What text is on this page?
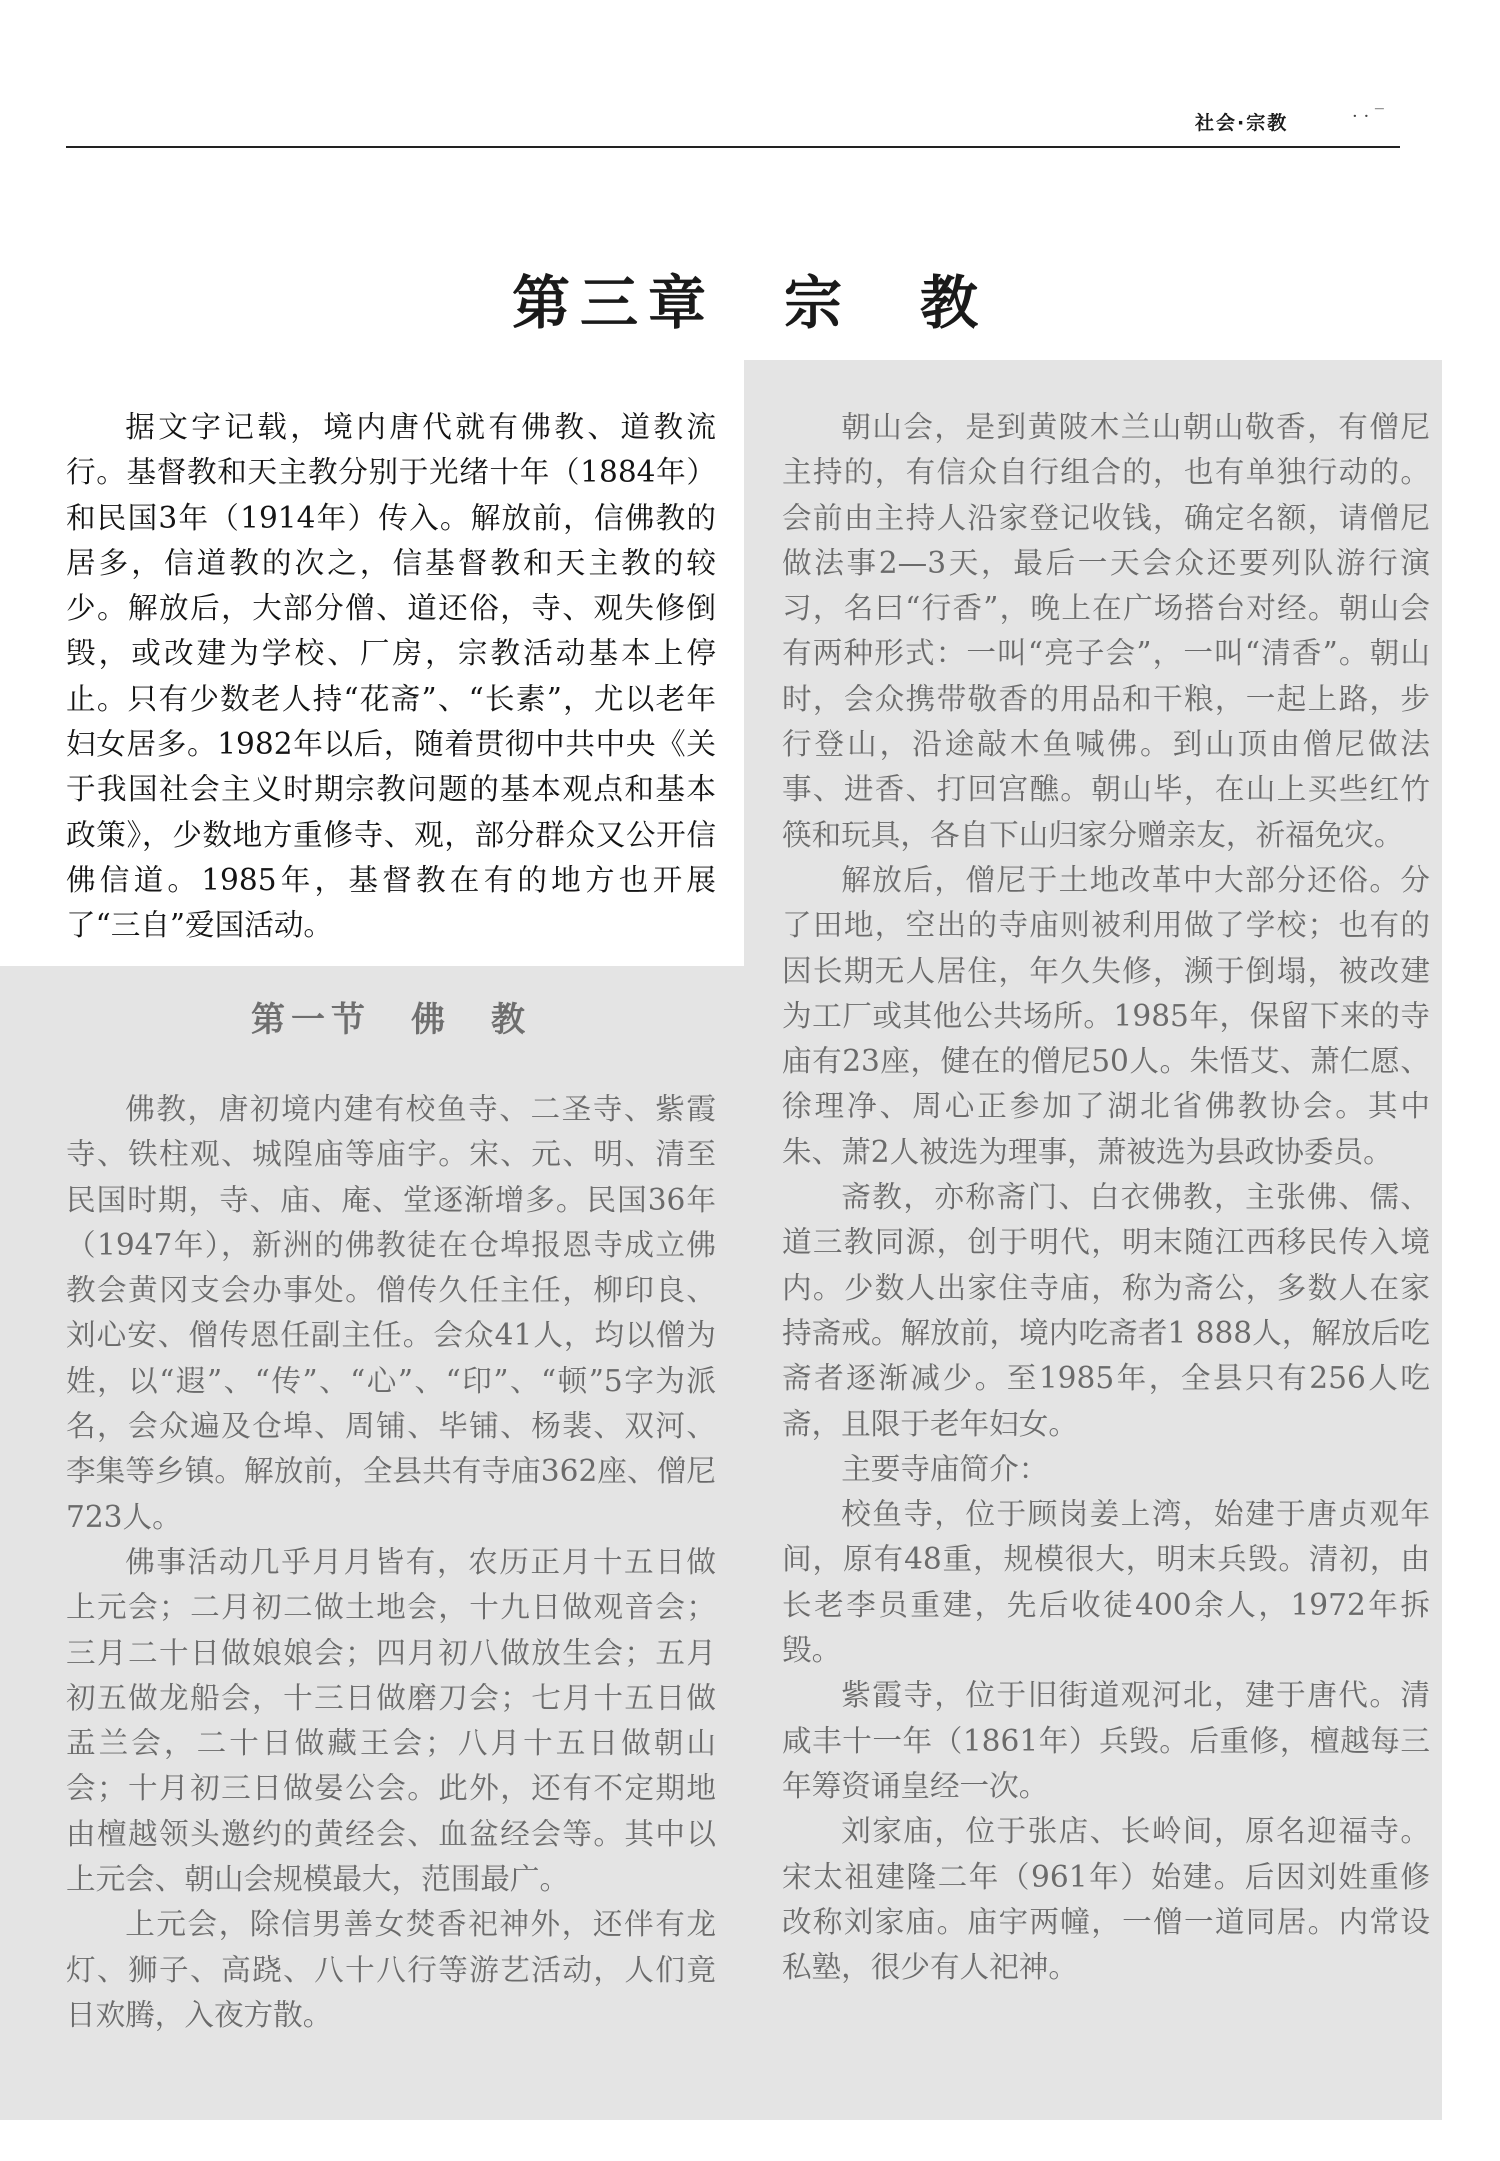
社会·宗教	· · ‾
第三章　宗　教

据文字记载，境内唐代就有佛教、道教流行。基督教和天主教分别于光绪十年（1884年）和民国3年（1914年）传入。解放前，信佛教的居多，信道教的次之，信基督教和天主教的较少。解放后，大部分僧、道还俗，寺、观失修倒毁，或改建为学校、厂房，宗教活动基本上停止。只有少数老人持“花斋”、“长素”，尤以老年妇女居多。1982年以后，随着贯彻中共中央《关于我国社会主义时期宗教问题的基本观点和基本政策》，少数地方重修寺、观，部分群众又公开信佛信道。1985年，基督教在有的地方也开展了“三自”爱国活动。

第一节　佛　教

佛教，唐初境内建有校鱼寺、二圣寺、紫霞寺、铁柱观、城隍庙等庙宇。宋、元、明、清至民国时期，寺、庙、庵、堂逐渐增多。民国36年（1947年），新洲的佛教徒在仓埠报恩寺成立佛教会黄冈支会办事处。僧传久任主任，柳印良、刘心安、僧传恩任副主任。会众41人，均以僧为姓，以“遐”、“传”、“心”、“印”、“顿”5字为派名，会众遍及仓埠、周铺、毕铺、杨裴、双河、李集等乡镇。解放前，全县共有寺庙362座、僧尼723人。

佛事活动几乎月月皆有，农历正月十五日做上元会；二月初二做土地会，十九日做观音会；三月二十日做娘娘会；四月初八做放生会；五月初五做龙船会，十三日做磨刀会；七月十五日做盂兰会，二十日做藏王会；八月十五日做朝山会；十月初三日做晏公会。此外，还有不定期地由檀越领头邀约的黄经会、血盆经会等。其中以上元会、朝山会规模最大，范围最广。

上元会，除信男善女焚香祀神外，还伴有龙灯、狮子、高跷、八十八行等游艺活动，人们竟日欢腾，入夜方散。

朝山会，是到黄陂木兰山朝山敬香，有僧尼主持的，有信众自行组合的，也有单独行动的。会前由主持人沿家登记收钱，确定名额，请僧尼做法事2—3天，最后一天会众还要列队游行演习，名曰“行香”，晚上在广场搭台对经。朝山会有两种形式：一叫“亮子会”，一叫“清香”。朝山时，会众携带敬香的用品和干粮，一起上路，步行登山，沿途敲木鱼喊佛。到山顶由僧尼做法事、进香、打回宫醮。朝山毕，在山上买些红竹筷和玩具，各自下山归家分赠亲友，祈福免灾。

解放后，僧尼于土地改革中大部分还俗。分了田地，空出的寺庙则被利用做了学校；也有的因长期无人居住，年久失修，濒于倒塌，被改建为工厂或其他公共场所。1985年，保留下来的寺庙有23座，健在的僧尼50人。朱悟艾、萧仁愿、徐理净、周心正参加了湖北省佛教协会。其中朱、萧2人被选为理事，萧被选为县政协委员。

斋教，亦称斋门、白衣佛教，主张佛、儒、道三教同源，创于明代，明末随江西移民传入境内。少数人出家住寺庙，称为斋公，多数人在家持斋戒。解放前，境内吃斋者1 888人，解放后吃斋者逐渐减少。至1985年，全县只有256人吃斋，且限于老年妇女。

主要寺庙简介：

校鱼寺，位于顾岗姜上湾，始建于唐贞观年间，原有48重，规模很大，明末兵毁。清初，由长老李员重建，先后收徒400余人，1972年拆毁。

紫霞寺，位于旧街道观河北，建于唐代。清咸丰十一年（1861年）兵毁。后重修，檀越每三年筹资诵皇经一次。

刘家庙，位于张店、长岭间，原名迎福寺。宋太祖建隆二年（961年）始建。后因刘姓重修改称刘家庙。庙宇两幢，一僧一道同居。内常设私塾，很少有人祀神。
